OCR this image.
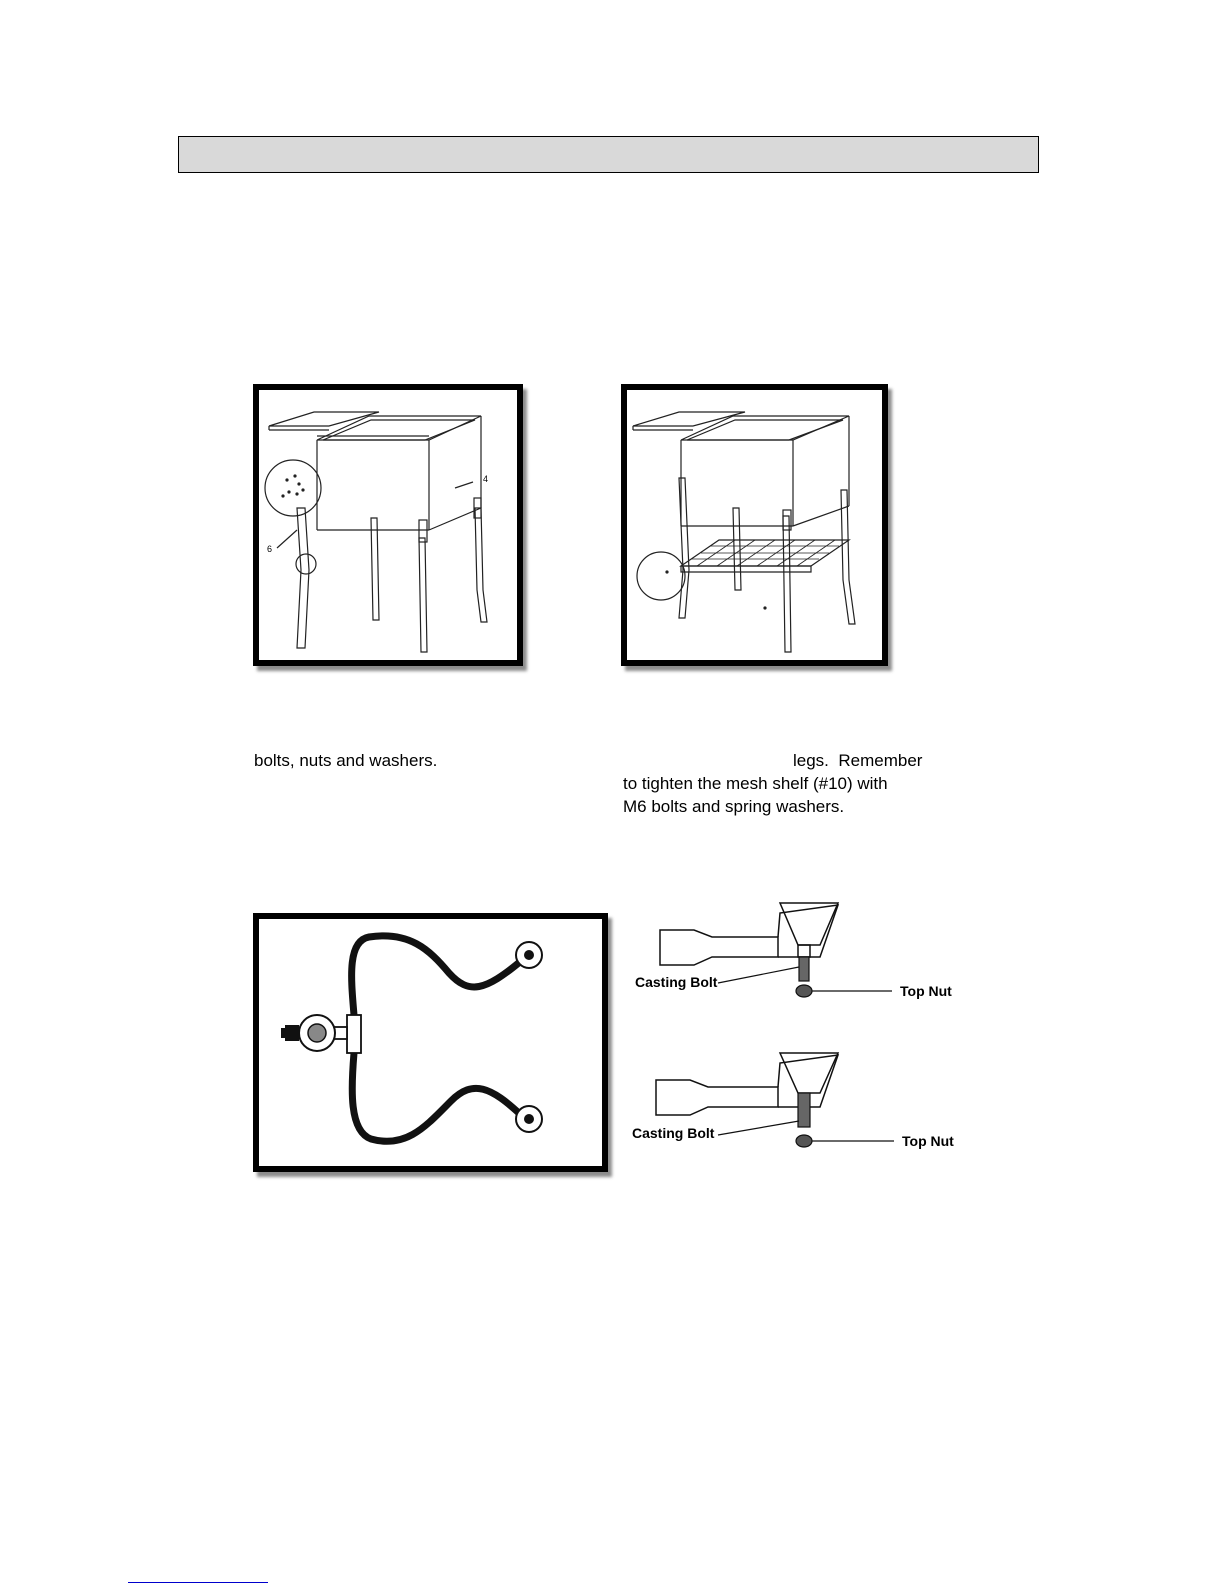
4
6
Casting Bolt
Top Nut
Casting Bolt	Top Nut
bolts, nuts and washers.	legs.  Remember
to tighten the mesh shelf (#10) with
M6 bolts and spring washers.
